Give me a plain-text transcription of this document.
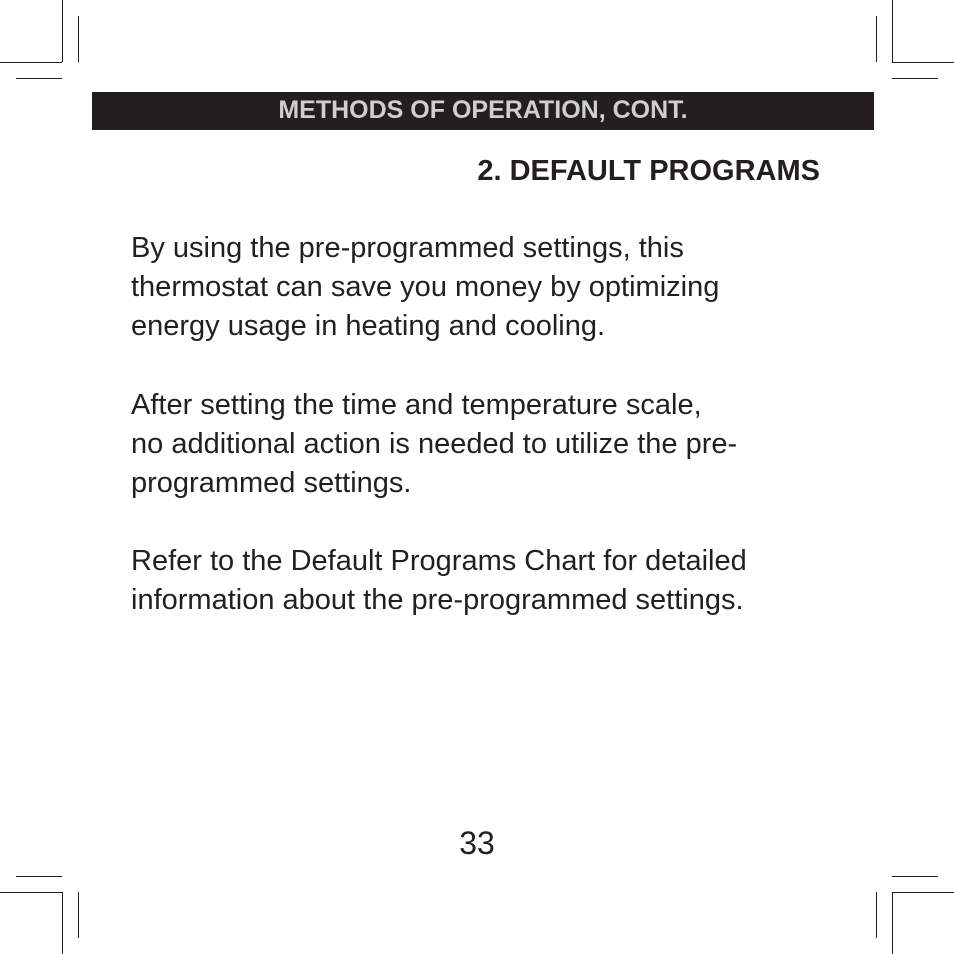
METHODS OF OPERATION, CONT.
2. DEFAULT PROGRAMS

By using the pre-programmed settings, this
thermostat can save you money by optimizing
energy usage in heating and cooling.

After setting the time and temperature scale,
no additional action is needed to utilize the pre-
programmed settings.

Refer to the Default Programs Chart for detailed
information about the pre-programmed settings.

33
